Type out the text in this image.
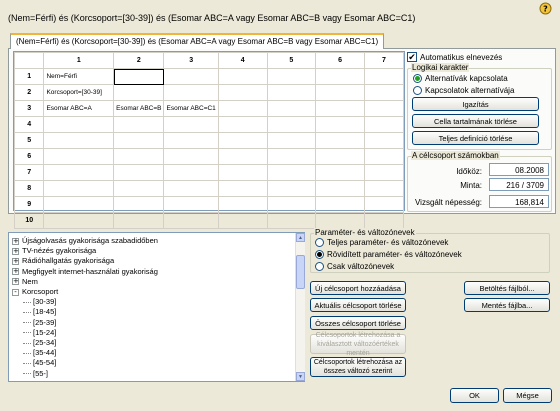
(Nem=Férfi) és (Korcsoport=[30-39]) és (Esomar ABC=A vagy Esomar ABC=B vagy Esomar ABC=C1)
?
(Nem=Férfi) és (Korcsoport=[30-39]) és (Esomar ABC=A vagy Esomar ABC=B vagy Esomar ABC=C1)
	1	2	3	4	5	6	7
1	Nem=Férfi						
2	Korcsoport=[30-39]						
3	Esomar ABC=A	Esomar ABC=B	Esomar ABC=C1				
4							
5							
6							
7							
8							
9							
10							
✔ Automatikus elnevezés
Logikai karakter
Alternatívák kapcsolata
Kapcsolatok alternatívája
Igazítás
Cella tartalmának törlése
Teljes definíció törlése
A célcsoport számokban
Időköz:	08.2008
Minta:	216 / 3709
Vizsgált népesség:	168,814
+ Újságolvasás gyakorisága szabadidőben
+ TV-nézés gyakorisága
+ Rádióhallgatás gyakorisága
+ Megfigyelt internet-használati gyakoriság
+ Nem
- Korcsoport
[30-39]
[18-45]
[25-39]
[15-24]
[25-34]
[35-44]
[45-54]
[55-]
▲
▼
Paraméter- és változónevek
Teljes paraméter- és változónevek
Rövidített paraméter- és változónevek
Csak változónevek
Új célcsoport hozzáadása
Aktuális célcsoport törlése
Összes célcsoport törlése
Célcsoportok létrehozása a kiválasztott változóértékek mentén
Célcsoportok létrehozása az összes változó szerint
Betöltés fájlból...
Mentés fájlba...
OK	Mégse
